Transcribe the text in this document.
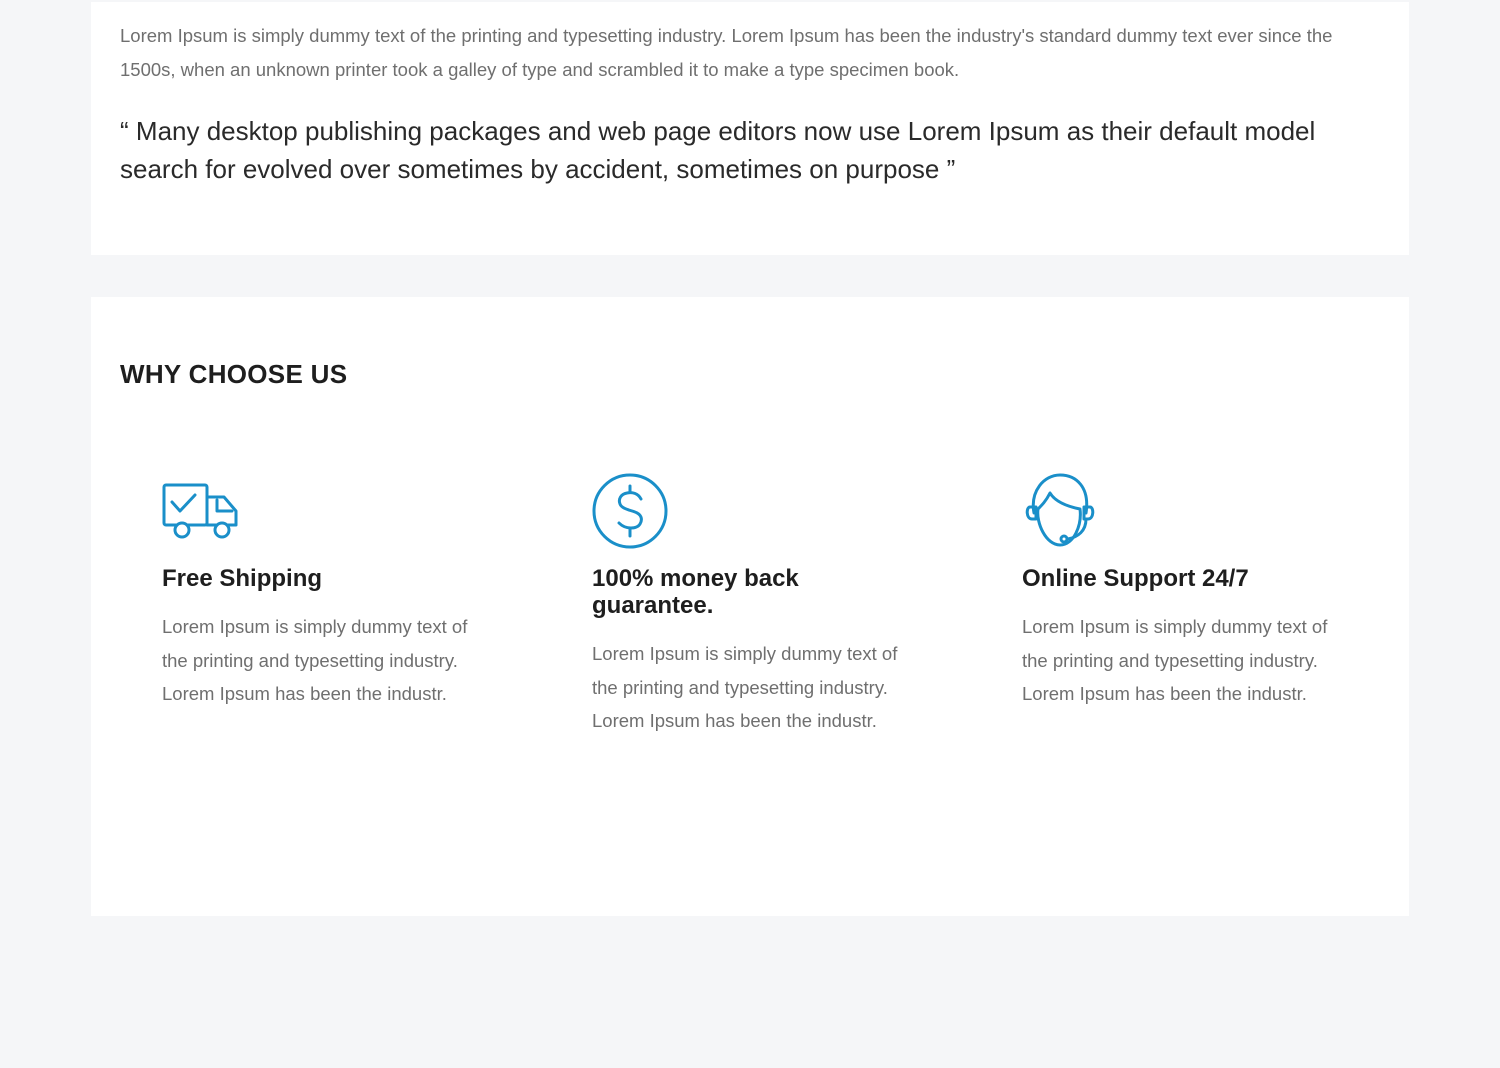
Lorem Ipsum is simply dummy text of the printing and typesetting industry. Lorem Ipsum has been the industry's standard dummy text ever since the 1500s, when an unknown printer took a galley of type and scrambled it to make a type specimen book.

“ Many desktop publishing packages and web page editors now use Lorem Ipsum as their default model search for evolved over sometimes by accident, sometimes on purpose ”

WHY CHOOSE US
Free Shipping

Lorem Ipsum is simply dummy text of the printing and typesetting industry. Lorem Ipsum has been the industr.

100% money back guarantee.

Lorem Ipsum is simply dummy text of the printing and typesetting industry. Lorem Ipsum has been the industr.

Online Support 24/7

Lorem Ipsum is simply dummy text of the printing and typesetting industry. Lorem Ipsum has been the industr.
